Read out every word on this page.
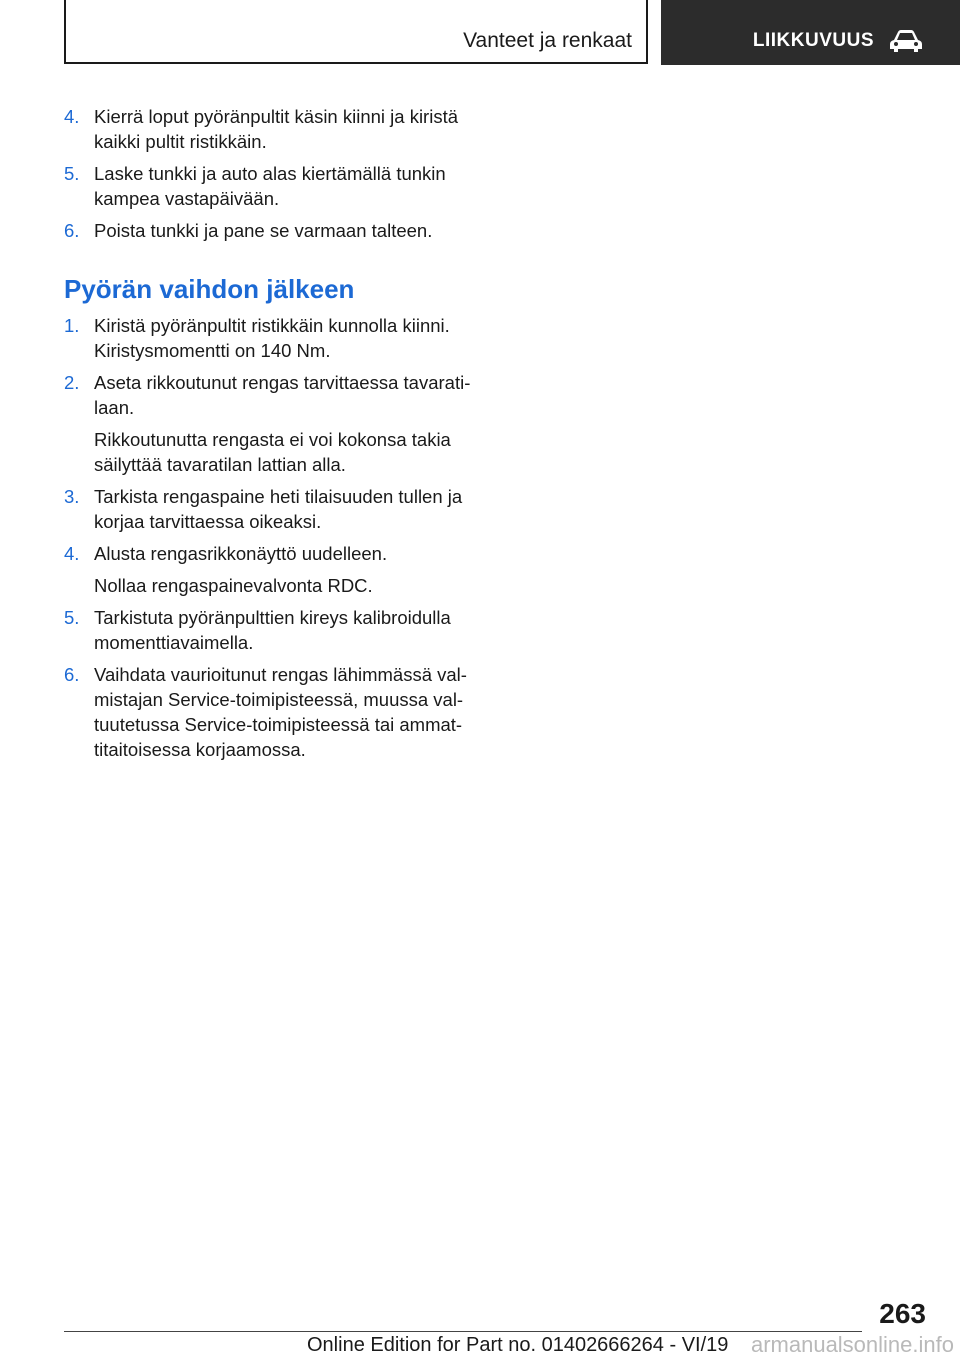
Vanteet ja renkaat	LIIKKUVUUS
4. Kierrä loput pyöränpultit käsin kiinni ja kiristä
kaikki pultit ristikkäin.
5. Laske tunkki ja auto alas kiertämällä tunkin
kampea vastapäivään.
6. Poista tunkki ja pane se varmaan talteen.
Pyörän vaihdon jälkeen
1. Kiristä pyöränpultit ristikkäin kunnolla kiinni.
Kiristysmomentti on 140 Nm.
2. Aseta rikkoutunut rengas tarvittaessa tavarati‐
laan.
Rikkoutunutta rengasta ei voi kokonsa takia
säilyttää tavaratilan lattian alla.
3. Tarkista rengaspaine heti tilaisuuden tullen ja
korjaa tarvittaessa oikeaksi.
4. Alusta rengasrikkonäyttö uudelleen.
Nollaa rengaspainevalvonta RDC.
5. Tarkistuta pyöränpulttien kireys kalibroidulla
momenttiavaimella.
6. Vaihdata vaurioitunut rengas lähimmässä val‐
mistajan Service-toimipisteessä, muussa val‐
tuutetussa Service-toimipisteessä tai ammat‐
titaitoisessa korjaamossa.
263
Online Edition for Part no. 01402666264 - VI/19 armanualsonline.info
